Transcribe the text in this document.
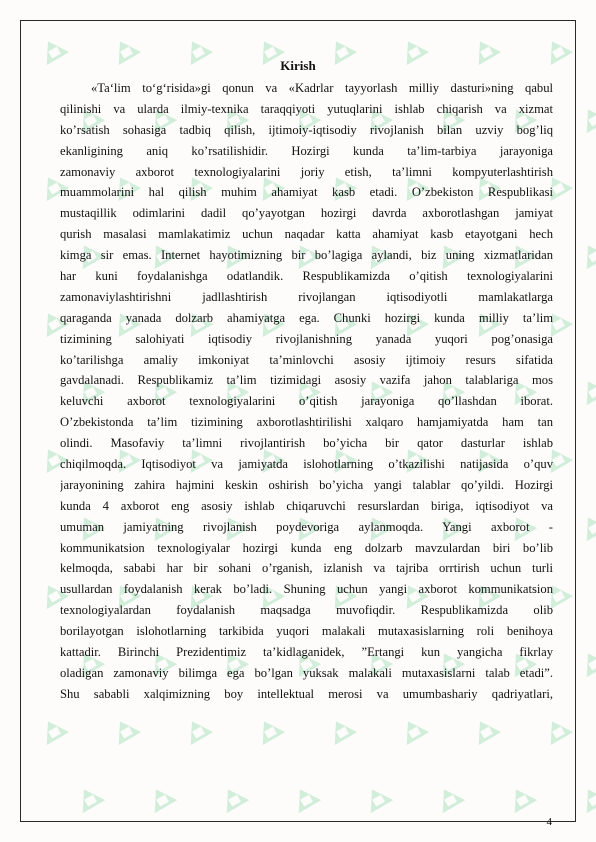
Kirish
«Ta‘lim to‘g‘risida»gi qonun va «Kadrlar tayyorlash milliy dasturi»ning qabul
qilinishi va ularda ilmiy-texnika taraqqiyoti yutuqlarini ishlab chiqarish va xizmat
ko’rsatish sohasiga tadbiq qilish, ijtimoiy-iqtisodiy rivojlanish bilan uzviy bog’liq
ekanligining aniq ko’rsatilishidir. Hozirgi kunda ta’lim-tarbiya jarayoniga
zamonaviy axborot texnologiyalarini joriy etish, ta’limni kompyuterlashtirish
muammolarini hal qilish muhim ahamiyat kasb etadi. O’zbekiston Respublikasi
mustaqillik odimlarini dadil qo’yayotgan hozirgi davrda axborotlashgan jamiyat
qurish masalasi mamlakatimiz uchun naqadar katta ahamiyat kasb etayotgani hech
kimga sir emas. Internet hayotimizning bir bo’lagiga aylandi, biz uning xizmatlaridan
har kuni foydalanishga odatlandik. Respublikamizda o’qitish texnologiyalarini
zamonaviylashtirishni jadllashtirish rivojlangan iqtisodiyotli mamlakatlarga
qaraganda yanada dolzarb ahamiyatga ega. Chunki hozirgi kunda milliy ta’lim
tizimining salohiyati iqtisodiy rivojlanishning yanada yuqori pog’onasiga
ko’tarilishga amaliy imkoniyat ta’minlovchi asosiy ijtimoiy resurs sifatida
gavdalanadi. Respublikamiz ta’lim tizimidagi asosiy vazifa jahon talablariga mos
keluvchi axborot texnologiyalarini o’qitish jarayoniga qo’llashdan iborat.
O’zbekistonda ta’lim tizimining axborotlashtirilishi xalqaro hamjamiyatda ham tan
olindi. Masofaviy ta’limni rivojlantirish bo’yicha bir qator dasturlar ishlab
chiqilmoqda. Iqtisodiyot va jamiyatda islohotlarning o’tkazilishi natijasida o’quv
jarayonining zahira hajmini keskin oshirish bo’yicha yangi talablar qo’yildi. Hozirgi
kunda 4 axborot eng asosiy ishlab chiqaruvchi resurslardan biriga, iqtisodiyot va
umuman jamiyatning rivojlanish poydevoriga aylanmoqda. Yangi axborot -
kommunikatsion texnologiyalar hozirgi kunda eng dolzarb mavzulardan biri bo’lib
kelmoqda, sababi har bir sohani o’rganish, izlanish va tajriba orrtirish uchun turli
usullardan foydalanish kerak bo’ladi. Shuning uchun yangi axborot kommunikatsion
texnologiyalardan foydalanish maqsadga muvofiqdir. Respublikamizda olib
borilayotgan islohotlarning tarkibida yuqori malakali mutaxasislarning roli benihoya
kattadir. Birinchi Prezidentimiz ta’kidlaganidek, ”Ertangi kun yangicha fikrlay
oladigan zamonaviy bilimga ega bo’lgan yuksak malakali mutaxasislarni talab etadi”.
Shu sababli xalqimizning boy intellektual merosi va umumbashariy qadriyatlari,
4
